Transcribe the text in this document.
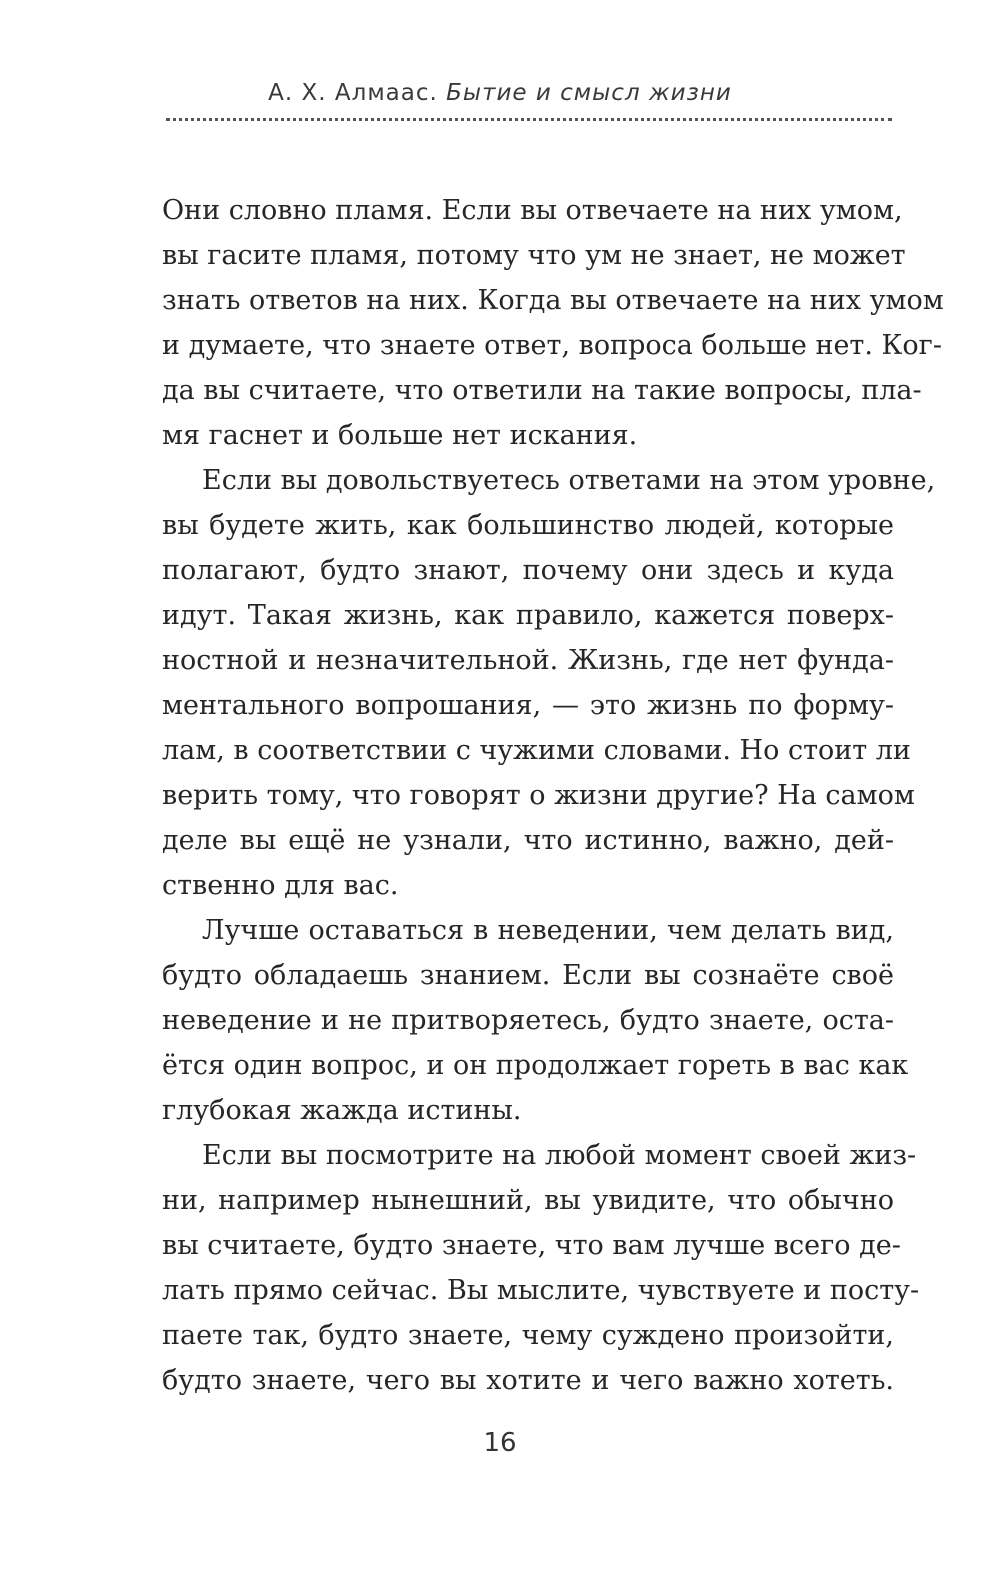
А. Х. Алмаас. Бытие и смысл жизни
Они словно пламя. Если вы отвечаете на них умом,
вы гасите пламя, потому что ум не знает, не может
знать ответов на них. Когда вы отвечаете на них умом
и думаете, что знаете ответ, вопроса больше нет. Ког-
да вы считаете, что ответили на такие вопросы, пла-
мя гаснет и больше нет искания.
Если вы довольствуетесь ответами на этом уровне,
вы будете жить, как большинство людей, которые
полагают, будто знают, почему они здесь и куда
идут. Такая жизнь, как правило, кажется поверх-
ностной и незначительной. Жизнь, где нет фунда-
ментального вопрошания, — это жизнь по форму-
лам, в соответствии с чужими словами. Но стоит ли
верить тому, что говорят о жизни другие? На самом
деле вы ещё не узнали, что истинно, важно, дей-
ственно для вас.
Лучше оставаться в неведении, чем делать вид,
будто обладаешь знанием. Если вы сознаёте своё
неведение и не притворяетесь, будто знаете, оста-
ётся один вопрос, и он продолжает гореть в вас как
глубокая жажда истины.
Если вы посмотрите на любой момент своей жиз-
ни, например нынешний, вы увидите, что обычно
вы считаете, будто знаете, что вам лучше всего де-
лать прямо сейчас. Вы мыслите, чувствуете и посту-
паете так, будто знаете, чему суждено произойти,
будто знаете, чего вы хотите и чего важно хотеть.
16
